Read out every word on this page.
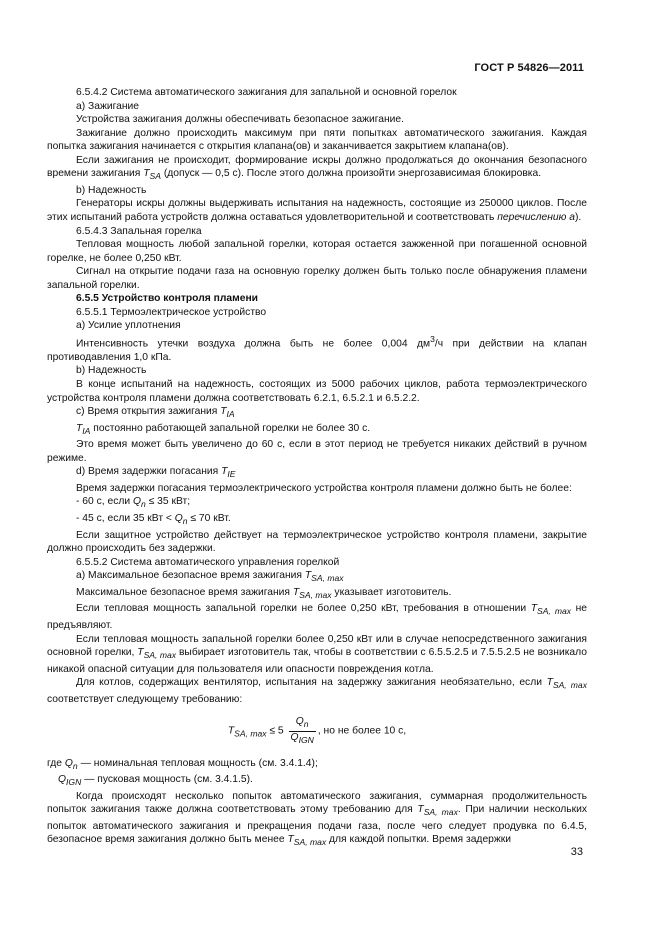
ГОСТ Р 54826—2011

6.5.4.2 Система автоматического зажигания для запальной и основной горелок

a) Зажигание

Устройства зажигания должны обеспечивать безопасное зажигание.

Зажигание должно происходить максимум при пяти попытках автоматического зажигания. Каждая попытка зажигания начинается с открытия клапана(ов) и заканчивается закрытием клапана(ов).

Если зажигания не происходит, формирование искры должно продолжаться до окончания безопасного времени зажигания $T_{SA}$ (допуск — 0,5 с). После этого должна произойти энергозависимая блокировка.

b) Надежность

Генераторы искры должны выдерживать испытания на надежность, состоящие из 250000 циклов. После этих испытаний работа устройств должна оставаться удовлетворительной и соответствовать перечислению а).

6.5.4.3 Запальная горелка

Тепловая мощность любой запальной горелки, которая остается зажженной при погашенной основной горелке, не более 0,250 кВт.

Сигнал на открытие подачи газа на основную горелку должен быть только после обнаружения пламени запальной горелки.

6.5.5 Устройство контроля пламени

6.5.5.1 Термоэлектрическое устройство

a) Усилие уплотнения

Интенсивность утечки воздуха должна быть не более 0,004 $дм^3/ч$ при действии на клапан противодавления 1,0 кПа.

b) Надежность

В конце испытаний на надежность, состоящих из 5000 рабочих циклов, работа термоэлектрического устройства контроля пламени должна соответствовать 6.2.1, 6.5.2.1 и 6.5.2.2.

c) Время открытия зажигания $T_{IA}$

$T_{IA}$ постоянно работающей запальной горелки не более 30 с.

Это время может быть увеличено до 60 с, если в этот период не требуется никаких действий в ручном режиме.

d) Время задержки погасания $T_{IE}$

Время задержки погасания термоэлектрического устройства контроля пламени должно быть не более:

- 60 с, если $Q_n \le 35$ кВт;

- 45 с, если 35 кВт < $Q_n \le 70$ кВт.

Если защитное устройство действует на термоэлектрическое устройство контроля пламени, закрытие должно происходить без задержки.

6.5.5.2 Система автоматического управления горелкой

a) Максимальное безопасное время зажигания $T_{SA, max}$

Максимальное безопасное время зажигания $T_{SA, max}$ указывает изготовитель.

Если тепловая мощность запальной горелки не более 0,250 кВт, требования в отношении $T_{SA, max}$ не предъявляют.

Если тепловая мощность запальной горелки более 0,250 кВт или в случае непосредственного зажигания основной горелки, $T_{SA, max}$ выбирает изготовитель так, чтобы в соответствии с 6.5.5.2.5 и 7.5.5.2.5 не возникало никакой опасной ситуации для пользователя или опасности повреждения котла.

Для котлов, содержащих вентилятор, испытания на задержку зажигания необязательно, если $T_{SA, max}$ соответствует следующему требованию:

$T_{SA, max} \le 5 \frac{Q_n}{Q_{IGN}}$ , но не более 10 с,

где $Q_n$ — номинальная тепловая мощность (см. 3.4.1.4);

$Q_{IGN}$ — пусковая мощность (см. 3.4.1.5).

Когда происходят несколько попыток автоматического зажигания, суммарная продолжительность попыток зажигания также должна соответствовать этому требованию для $T_{SA, max}$. При наличии нескольких попыток автоматического зажигания и прекращения подачи газа, после чего следует продувка по 6.4.5, безопасное время зажигания должно быть менее $T_{SA, max}$ для каждой попытки. Время задержки

33
